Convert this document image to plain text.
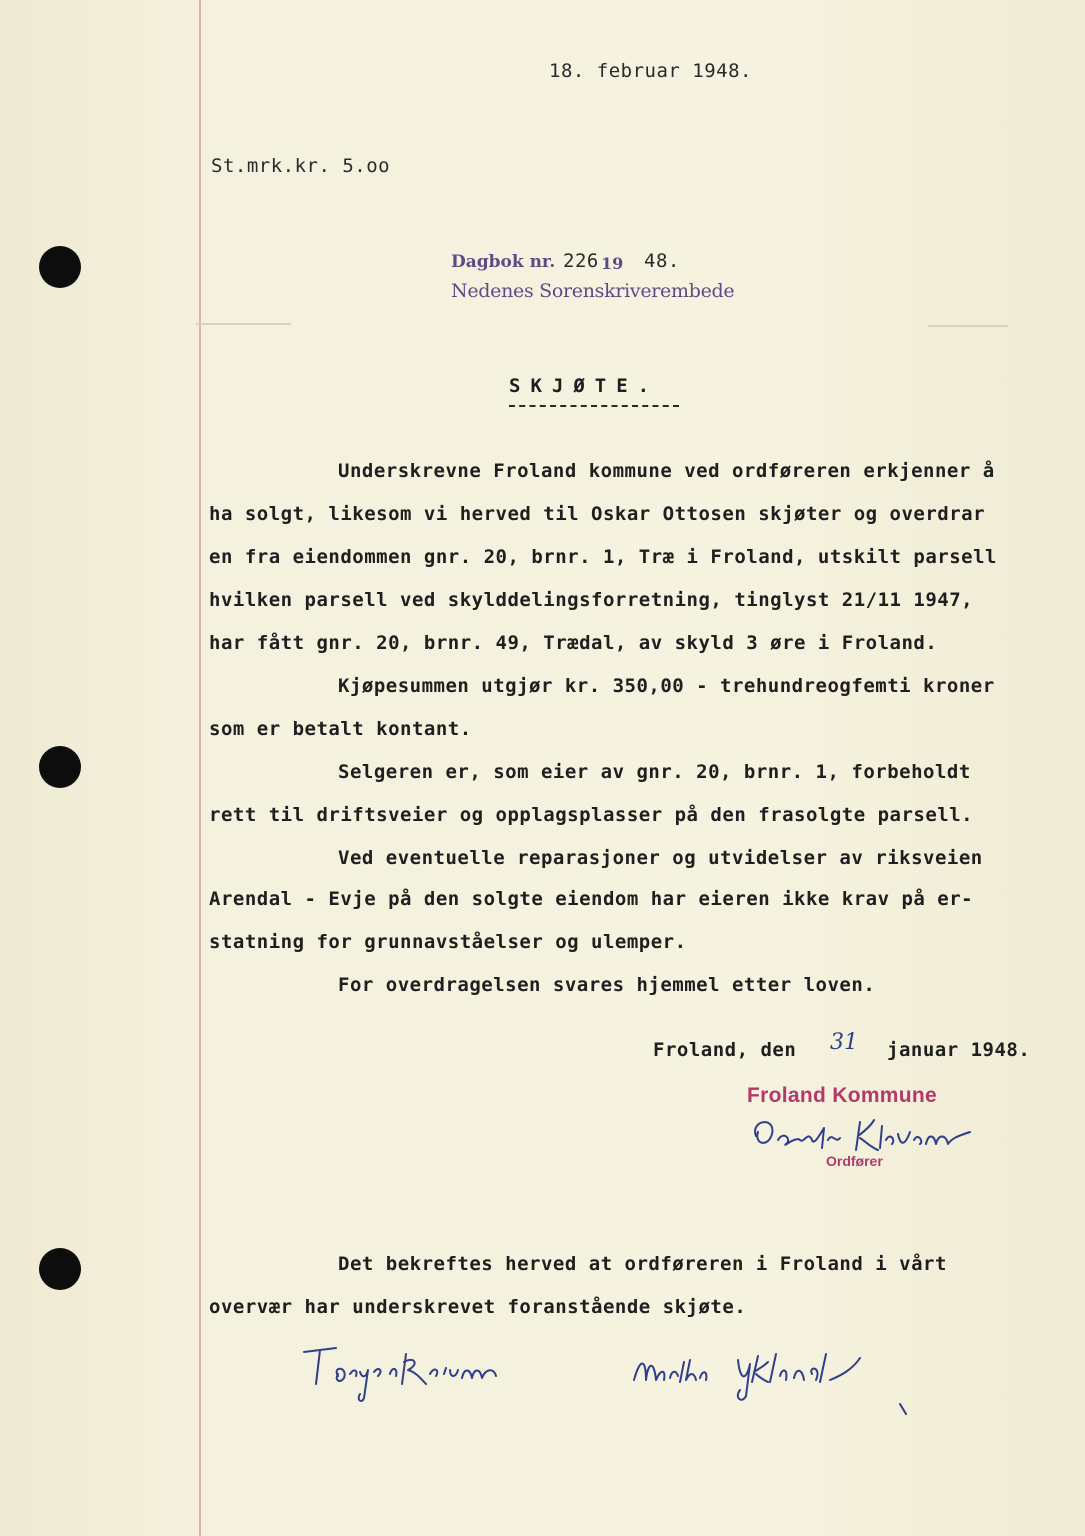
18. februar 1948.
St.mrk.kr. 5.oo
Dagbok nr. 226 19 48.
Nedenes Sorenskriverembede
SKJØTE.
Underskrevne Froland kommune ved ordføreren erkjenner å
ha solgt, likesom vi herved til Oskar Ottosen skjøter og overdrar
en fra eiendommen gnr. 20, brnr. 1, Træ i Froland, utskilt parsell
hvilken parsell ved skylddelingsforretning, tinglyst 21/11 1947,
har fått gnr. 20, brnr. 49, Trædal, av skyld 3 øre i Froland.
Kjøpesummen utgjør kr. 350,00 - trehundreogfemti kroner
som er betalt kontant.
Selgeren er, som eier av gnr. 20, brnr. 1, forbeholdt
rett til driftsveier og opplagsplasser på den frasolgte parsell.
Ved eventuelle reparasjoner og utvidelser av riksveien
Arendal - Evje på den solgte eiendom har eieren ikke krav på er-
statning for grunnavståelser og ulemper.
For overdragelsen svares hjemmel etter loven.
Froland, den 31 januar 1948.
Froland Kommune
Ordfører
Det bekreftes herved at ordføreren i Froland i vårt
overvær har underskrevet foranstående skjøte.
